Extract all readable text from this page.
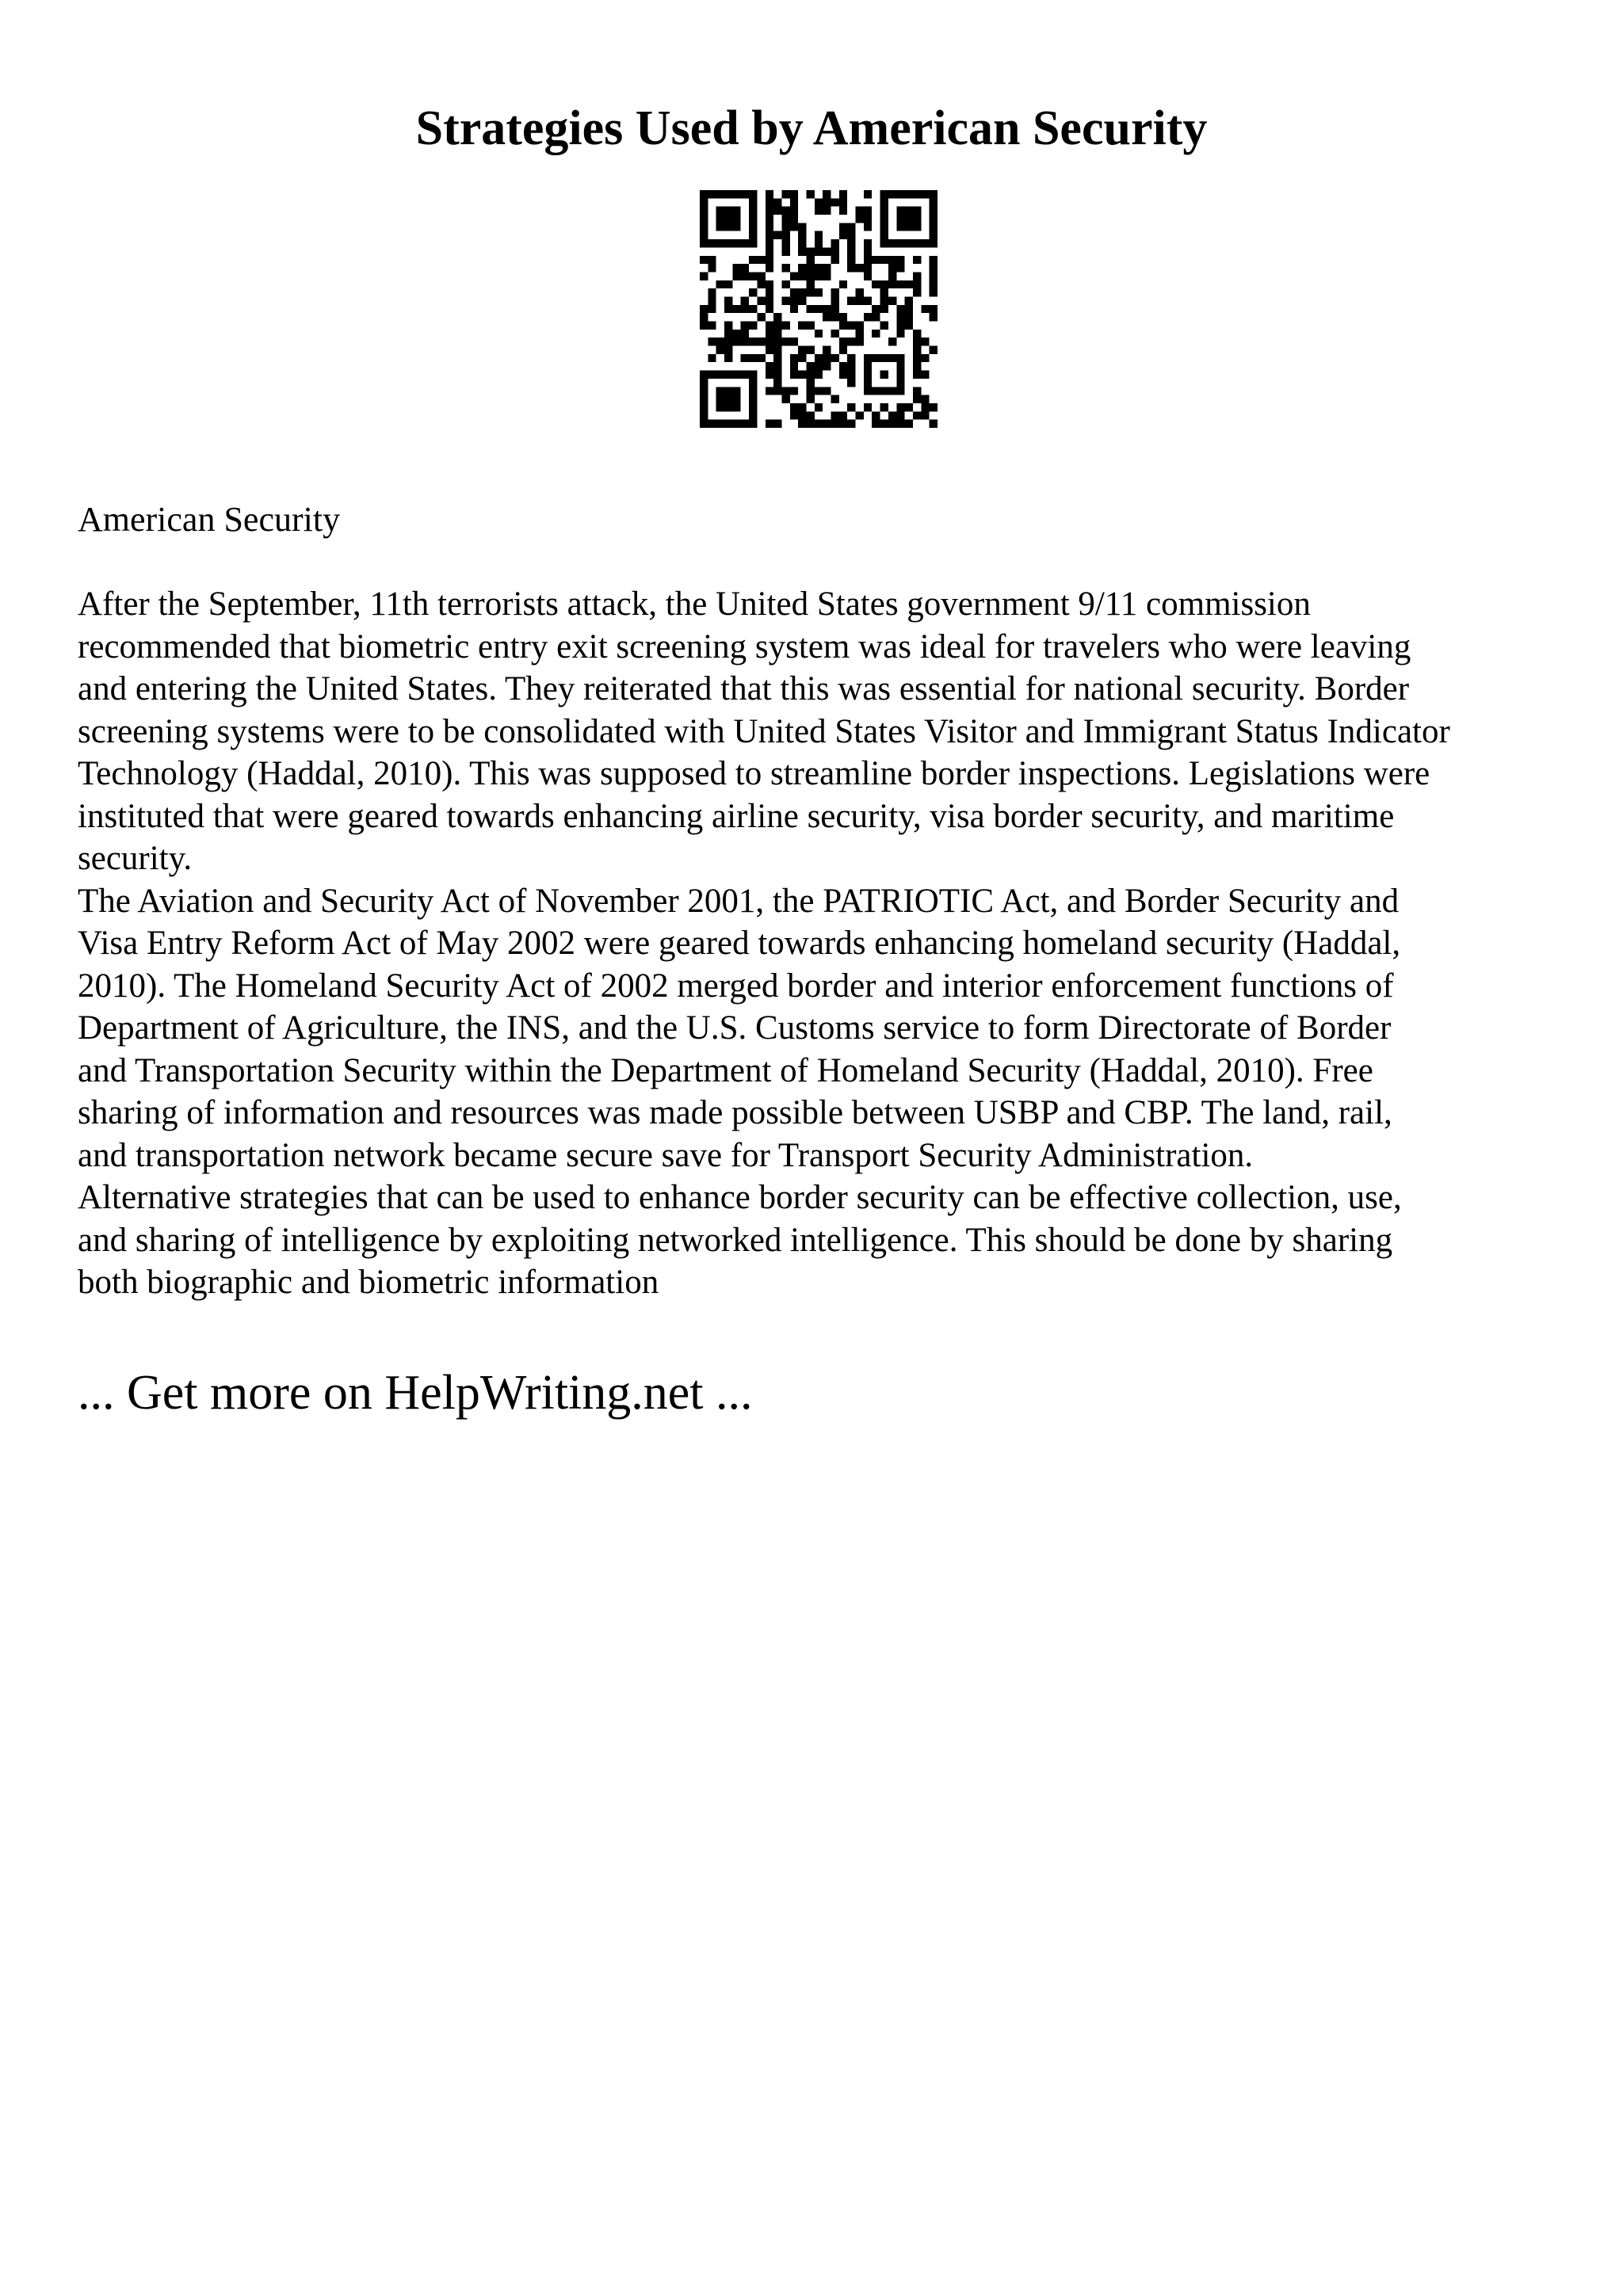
Strategies Used by American Security

American Security

After the September, 11th terrorists attack, the United States government 9/11 commission

recommended that biometric entry exit screening system was ideal for travelers who were leaving

and entering the United States. They reiterated that this was essential for national security. Border

screening systems were to be consolidated with United States Visitor and Immigrant Status Indicator

Technology (Haddal, 2010). This was supposed to streamline border inspections. Legislations were

instituted that were geared towards enhancing airline security, visa border security, and maritime

security.

The Aviation and Security Act of November 2001, the PATRIOTIC Act, and Border Security and

Visa Entry Reform Act of May 2002 were geared towards enhancing homeland security (Haddal,

2010). The Homeland Security Act of 2002 merged border and interior enforcement functions of

Department of Agriculture, the INS, and the U.S. Customs service to form Directorate of Border

and Transportation Security within the Department of Homeland Security (Haddal, 2010). Free

sharing of information and resources was made possible between USBP and CBP. The land, rail,

and transportation network became secure save for Transport Security Administration.

Alternative strategies that can be used to enhance border security can be effective collection, use,

and sharing of intelligence by exploiting networked intelligence. This should be done by sharing

both biographic and biometric information

... Get more on HelpWriting.net ...
